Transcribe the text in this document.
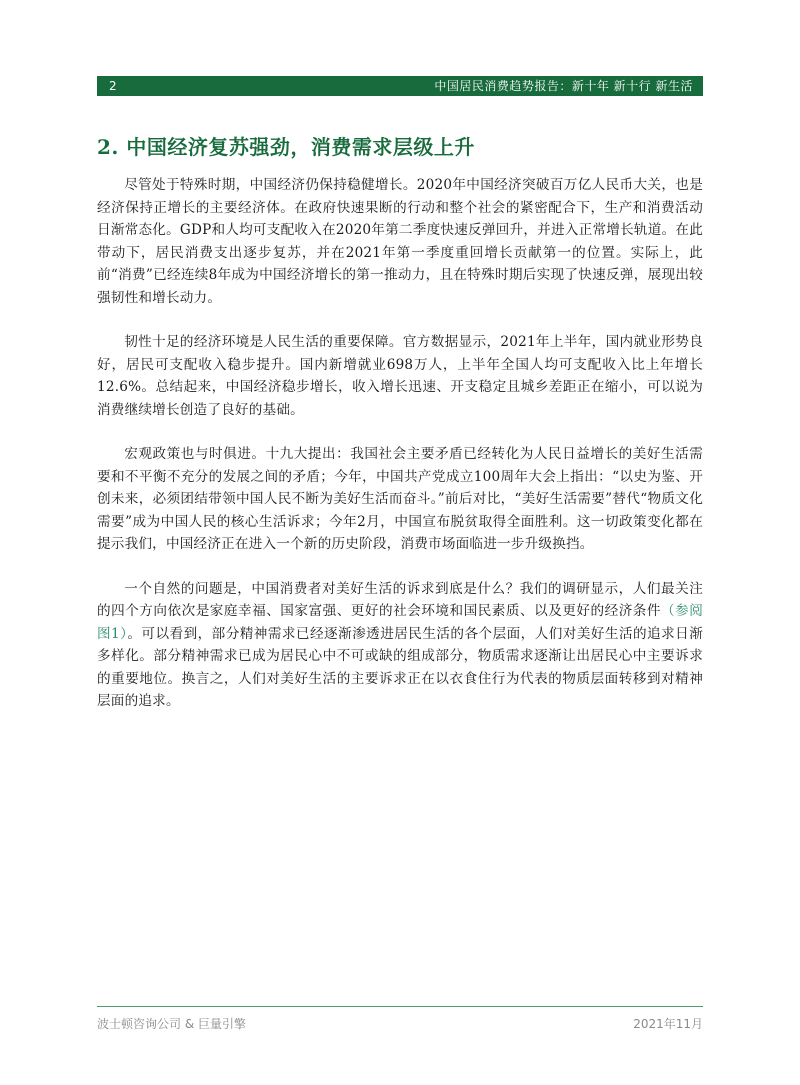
2	中国居民消费趋势报告：新十年 新十行 新生活
2. 中国经济复苏强劲，消费需求层级上升

尽管处于特殊时期，中国经济仍保持稳健增长。2020年中国经济突破百万亿人民币大关，也是经济保持正增长的主要经济体。在政府快速果断的行动和整个社会的紧密配合下，生产和消费活动日渐常态化。GDP和人均可支配收入在2020年第二季度快速反弹回升，并进入正常增长轨道。在此带动下，居民消费支出逐步复苏，并在2021年第一季度重回增长贡献第一的位置。实际上，此前“消费”已经连续8年成为中国经济增长的第一推动力，且在特殊时期后实现了快速反弹，展现出较强韧性和增长动力。

韧性十足的经济环境是人民生活的重要保障。官方数据显示，2021年上半年，国内就业形势良好，居民可支配收入稳步提升。国内新增就业698万人，上半年全国人均可支配收入比上年增长12.6%。总结起来，中国经济稳步增长，收入增长迅速、开支稳定且城乡差距正在缩小，可以说为消费继续增长创造了良好的基础。

宏观政策也与时俱进。十九大提出：我国社会主要矛盾已经转化为人民日益增长的美好生活需要和不平衡不充分的发展之间的矛盾；今年，中国共产党成立100周年大会上指出：“以史为鉴、开创未来，必须团结带领中国人民不断为美好生活而奋斗。”前后对比，“美好生活需要”替代“物质文化需要”成为中国人民的核心生活诉求；今年2月，中国宣布脱贫取得全面胜利。这一切政策变化都在提示我们，中国经济正在进入一个新的历史阶段，消费市场面临进一步升级换挡。

一个自然的问题是，中国消费者对美好生活的诉求到底是什么？我们的调研显示，人们最关注的四个方向依次是家庭幸福、国家富强、更好的社会环境和国民素质、以及更好的经济条件（参阅图1）。可以看到，部分精神需求已经逐渐渗透进居民生活的各个层面，人们对美好生活的追求日渐多样化。部分精神需求已成为居民心中不可或缺的组成部分，物质需求逐渐让出居民心中主要诉求的重要地位。换言之，人们对美好生活的主要诉求正在以衣食住行为代表的物质层面转移到对精神层面的追求。

波士顿咨询公司 & 巨量引擎	2021年11月
